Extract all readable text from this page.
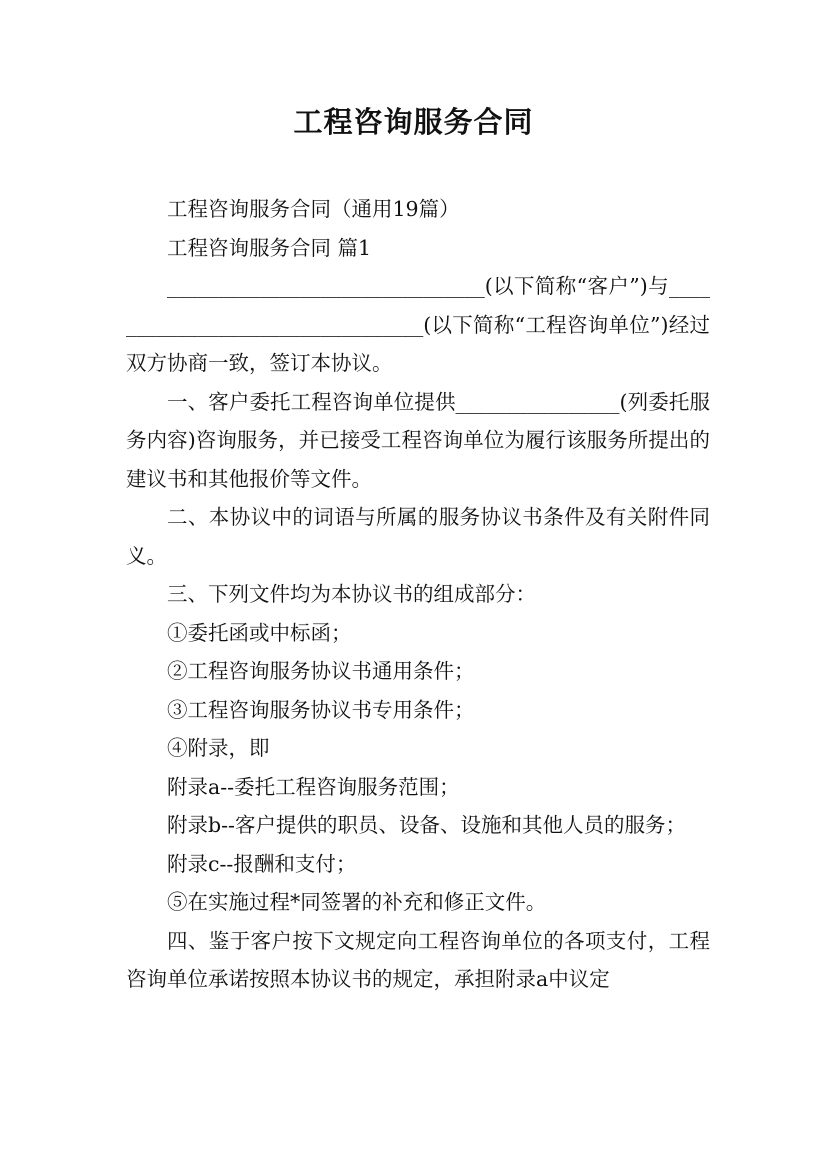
工程咨询服务合同

工程咨询服务合同（通用19篇）

工程咨询服务合同 篇1

_______________________________(以下简称“客户”)与_________________________________(以下简称“工程咨询单位”)经过双方协商一致，签订本协议。

一、客户委托工程咨询单位提供________________(列委托服务内容)咨询服务，并已接受工程咨询单位为履行该服务所提出的建议书和其他报价等文件。

二、本协议中的词语与所属的服务协议书条件及有关附件同义。

三、下列文件均为本协议书的组成部分：

①委托函或中标函；

②工程咨询服务协议书通用条件；

③工程咨询服务协议书专用条件；

④附录，即

附录a--委托工程咨询服务范围；

附录b--客户提供的职员、设备、设施和其他人员的服务；

附录c--报酬和支付；

⑤在实施过程*同签署的补充和修正文件。

四、鉴于客户按下文规定向工程咨询单位的各项支付，工程咨询单位承诺按照本协议书的规定，承担附录a中议定
